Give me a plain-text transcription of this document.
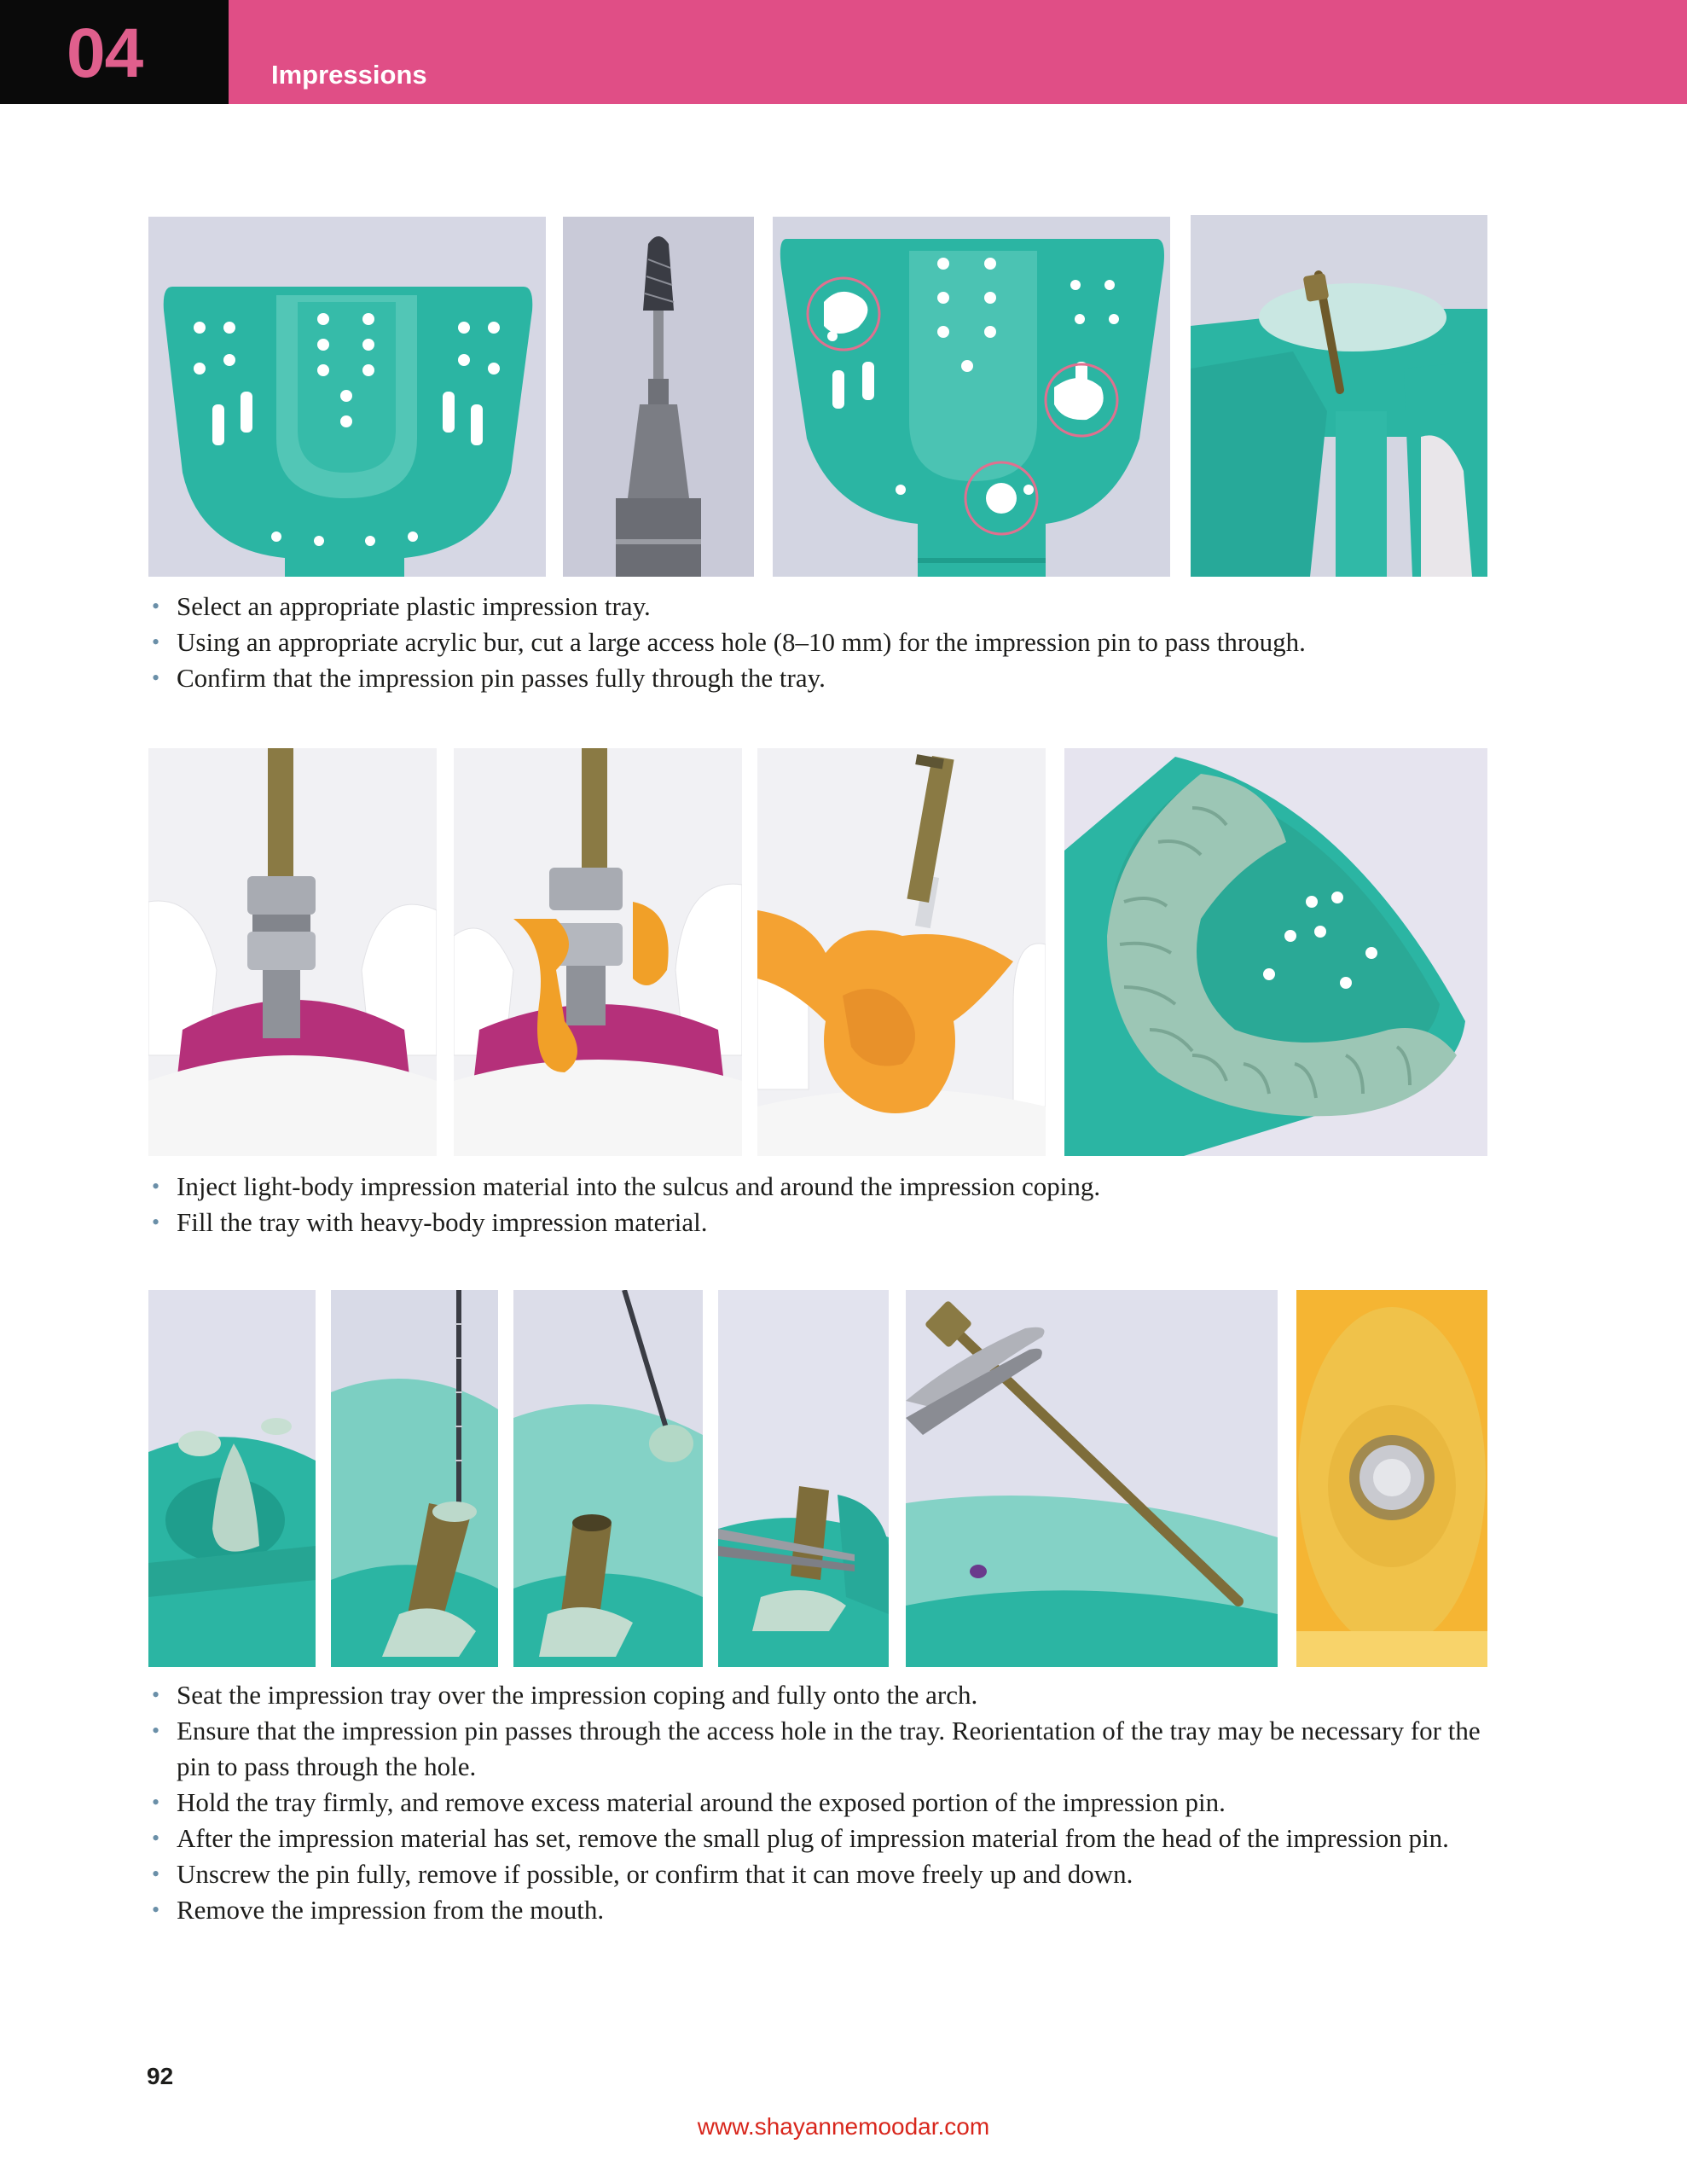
04	Impressions
• Select an appropriate plastic impression tray.
• Using an appropriate acrylic bur, cut a large access hole (8–10 mm) for the impression pin to pass through.
• Confirm that the impression pin passes fully through the tray.
• Inject light-body impression material into the sulcus and around the impression coping.
• Fill the tray with heavy-body impression material.
• Seat the impression tray over the impression coping and fully onto the arch.
• Ensure that the impression pin passes through the access hole in the tray. Reorientation of the tray may be necessary for the pin to pass through the hole.
• Hold the tray firmly, and remove excess material around the exposed portion of the impression pin.
• After the impression material has set, remove the small plug of impression material from the head of the impression pin.
• Unscrew the pin fully, remove if possible, or confirm that it can move freely up and down.
• Remove the impression from the mouth.
92
www.shayannemoodar.com
